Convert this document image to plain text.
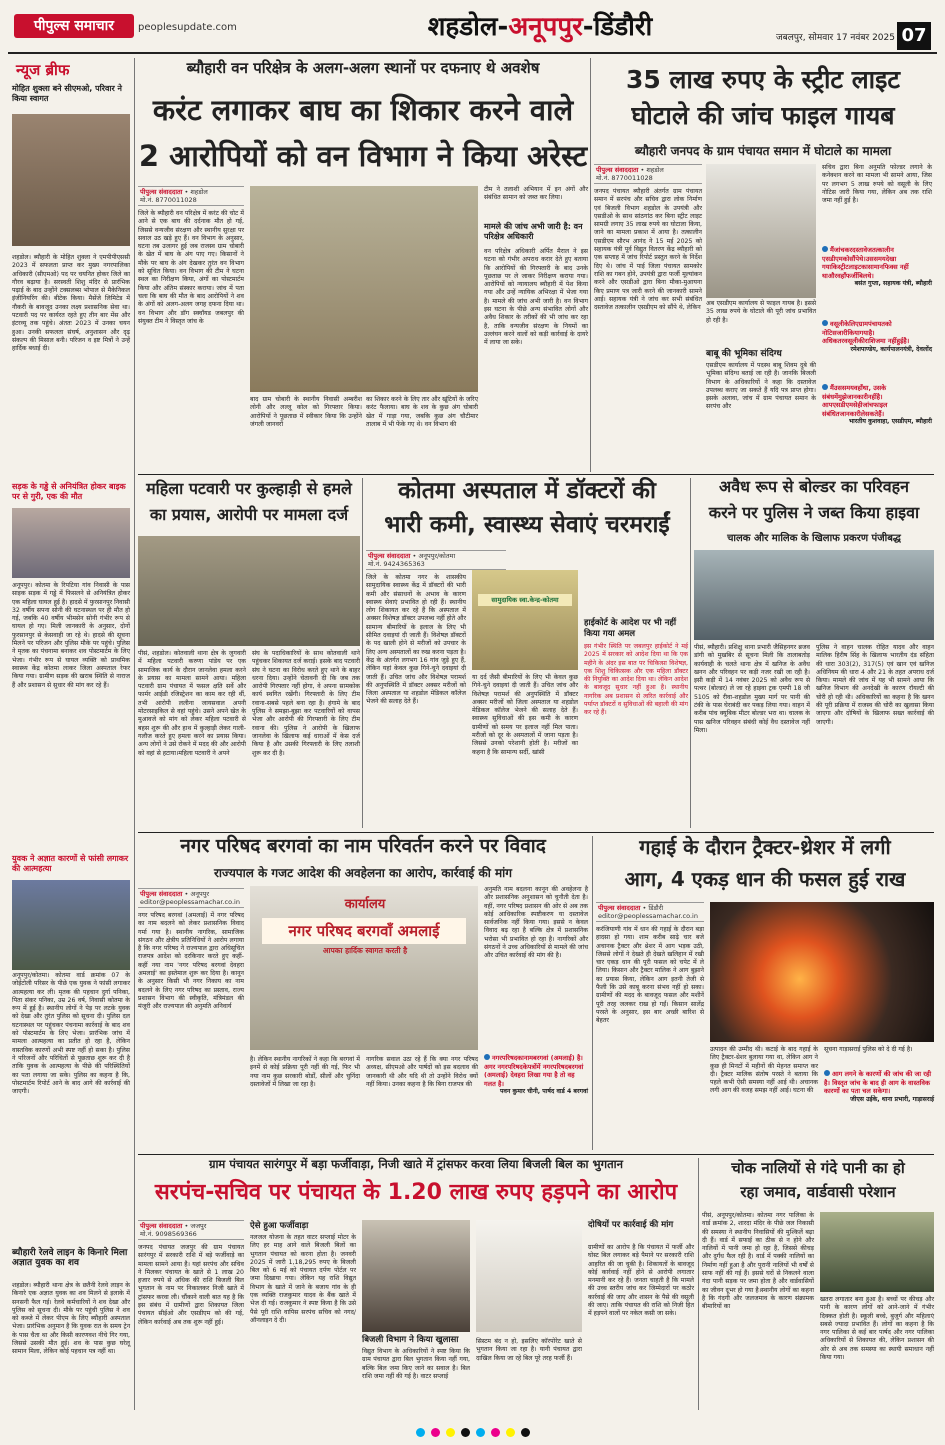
पीपुल्स समाचार	peoplesupdate.com	शहडोल-अनूपपुर-डिंडौरी	जबलपुर, सोमवार 17 नवंबर 2025 07
न्यूज ब्रीफ
मोहित शुक्ला बने सीएमओ, परिवार ने किया स्वागत
शहडोल। ब्यौहारी के मोहित शुक्ला ने एमपीपीएससी 2023 में सफलता प्राप्त कर मुख्य नगरपालिका अधिकारी (सीएमओ) पद पर चयनित होकर जिले का गौरव बढ़ाया है। सरस्वती शिशु मंदिर से प्रारंभिक पढ़ाई के बाद उन्होंने टक्सलब्स भोपाल से मैकेनिकल इंजीनियरिंग की। बीटेक किया। मैसेंजे लिमिटेड में नौकरी के बावजूद उनका लक्ष्य प्रशासनिक सेवा था। पटवारी पद पर कार्यरत रहते हुए तीन बार मेंस और इंटरव्यू तक पहुंचे। अंततः 2023 में उनका चयन हुआ। उनकी सफलता संघर्ष, अनुशासन और दृढ़ संकल्प की मिसाल बनी। परिजन व इष्ट मित्रों ने उन्हें हार्दिक बधाई दी।
सड़क के गड्ढे से अनियंत्रित होकर बाइक पर से गुरी, एक की मौत
अनूपपुर। कोतमा के रिपटिया गांव निवासी के पास साइक सड़क में गड्ढे में फिसलने से अनियंत्रित होकर एक महिला घायल हुई है। हादसे में फुरसानपुर निवासी 32 वर्षीय सपना सोनी की घटनास्थल पर ही मौत हो गई, जबकि 40 वर्षीय भीमसेन सोनी गंभीर रूप से घायल हो गए। मिली जानकारी के अनुसार, दोनों फुरसानपुर से केसवाही जा रहे थे। हादसे की सूचना मिलने पर परिजन और पुलिस मौके पर पहुंचे। पुलिस ने मृतक का पंचनामा बनाकर शव पोस्टमार्टम के लिए भेजा। गंभीर रूप से घायल व्यक्ति को प्राथमिक स्वास्थ्य केंद्र कोतमा लाकर जिला अस्पताल रेफर किया गया। ग्रामीण सड़क की खराब स्थिति से नाराज हैं और प्रशासन से सुधार की मांग कर रहे हैं।
युवक ने अज्ञात कारणों से फांसी लगाकर की आत्महत्या
अनूपपुर/कोतमा। कोतमा वार्ड क्रमांक 07 के जोईटोली परिसर के पीछे एक युवक ने फांसी लगाकर आत्महत्या कर ली। मृतक की पहचान दुर्गा पनिका, पिता संकर पनिका, उम्र 26 वर्ष, निवासी कोतमा के रूप में हुई है। स्थानीय लोगों ने पेड़ पर लटके युवक को देखा और तुरंत पुलिस को सूचना दी। पुलिस दल घटनास्थल पर पहुंचकर पंचनामा कार्रवाई के बाद शव को पोस्टमार्टम के लिए भेजा। प्रारंभिक जांच में मामला आत्महत्या का प्रतीत हो रहा है, लेकिन वास्तविक कारणों अभी स्पष्ट नहीं हो सका है। पुलिस ने परिजनों और परिचितों से पूछताछ शुरू कर दी है ताकि युवक के आत्महत्या के पीछे की परिस्थितियों का पता लगाया जा सके। पुलिस का कहना है कि, पोस्टमार्टम रिपोर्ट आने के बाद आगे की कार्रवाई की जाएगी।
ब्यौहारी रेलवे लाइन के किनारे मिला अज्ञात युवक का शव
शहडोल। ब्यौहारी थाना क्षेत्र के छतैनी रेलवे लाइन के किनारे एक अज्ञात युवक का शव मिलने से इलाके में सनसनी फैल गई। रेलवे कर्मचारियों ने शव देखा और पुलिस को सूचना दी। मौके पर पहुंची पुलिस ने शव को कब्जे में लेकर पीएम के लिए ब्यौहारी अस्पताल भेजा। प्रारंभिक अनुमान है कि युवक रात के समय ट्रेन के पास चैता था और किसी कारणवश नीचे गिर गया, जिससे उसकी मौत हुई। शव के पास कुछ घरेलू सामान मिला, लेकिन कोई पहचान पत्र नहीं था।
ब्यौहारी वन परिक्षेत्र के अलग-अलग स्थानों पर दफनाए थे अवशेष
करंट लगाकर बाघ का शिकार करने वाले
2 आरोपियों को वन विभाग ने किया अरेस्ट
पीपुल्स संवाददाता • शहडोल
मो.नं. 8770011028
जिले के ब्यौहारी वन परिक्षेत्र में करंट की चोट में आने से एक बाघ की दर्दनाक मौत हो गई, जिससे वन्यजीव संरक्षण और स्थानीय सुरक्षा पर सवाल उठ खड़े हुए हैं। वन विभाग के अनुसार, घटना तब उजागर हुई जब राजस्व ग्राम चोबारी के खेत में बाघ के अंग पाए गए। किसानों ने मौके पर बाघ के अंग देखकर तुरंत वन विभाग को सूचित किया। वन विभाग की टीम ने घटना स्थल का निरीक्षण किया, अंगों का पोस्टमार्टम किया और अंतिम संस्कार कराया। जांच में पता चला कि बाघ की मौत के बाद आरोपियों ने शव के अंगों को अलग-अलग जगह दफना दिया था। वन विभाग और डॉग स्क्वॉयड जबलपुर की संयुक्त टीम ने विस्तृत जांच के
बाद ग्राम चोबारी के स्थानीय निवासी अम्बरीश लोनी और लल्लू कोल को गिरफ्तार किया। आरोपियों ने पूछताछ में स्वीकार किया कि उन्होंने जंगली जानवरों
का शिकार करने के लिए तार और खूंटियों के जरिए करंट फैलाया। बाघ के शव के कुछ अंग चोबारी खेत में गाड़ा गया, जबकि कुछ अंग चौटीमार तालाब में भी फेंके गए थे। वन विभाग की
टीम ने तलाशी अभियान में इन अंगों और संबंधित सामान को जब्त कर लिया।
मामले की जांच अभी जारी है: वन परिक्षेत्र अधिकारी
वन परिक्षेत्र अधिकारी अर्पित मैराल ने इस घटना को गंभीर अपराध करार देते हुए बताया कि आरोपियों की गिरफ्तारी के बाद उनके पूछताछ पर ले जाकर निरीक्षण कराया गया। आरोपियों को न्यायालय ब्यौहारी में पेश किया गया और उन्हें न्यायिक अभिरक्षा में भेजा गया है। मामले की जांच अभी जारी है। वन विभाग इस घटना के पीछे अन्य संभावित लोगों और अवैध शिकार के तरीकों की भी जांच कर रहा है, ताकि वन्यजीव संरक्षण के नियमों का उल्लंघन करने वालों को कड़ी कार्रवाई के दायरे में लाया जा सके।
35 लाख रुपए के स्ट्रीट लाइट
घोटाले की जांच फाइल गायब
ब्यौहारी जनपद के ग्राम पंचायत समान में घोटाले का मामला
पीपुल्स संवाददाता • शहडोल
मो.नं. 8770011028
जनपद पंचायत ब्यौहारी अंतर्गत ग्राम पंचायत समान में सरपंच और सचिव द्वारा लोक निर्माण एवं बिजली विभाग शहडोल के उपयंत्री और एसडीओ के साथ सांठगांठ कर बिना स्ट्रीट लाइट सामग्री लगाए 35 लाख रुपये का घोटाला किया, जाने का मामला प्रकाश में आया है। तत्कालीन एसडीएम सौरभ आनंद ने 15 मई 2025 को सहायक यंत्री पूर्व विद्युत वितरण केंद्र ब्यौहारी को एक सप्ताह में जांच रिपोर्ट प्रस्तुत करने के निर्देश दिए थे। जांच में पाई जिला पंचायत सामकोर राशि का गबन होने, उपयंत्री द्वारा फर्जी मूल्यांकन करने और एसडीओ द्वारा बिना मौका-मुआयना किए प्रमाण पत्र जारी करने की जानकारी सामने आई। सहायक यंत्री ने जांच कर सभी संबंधित दस्तावेज तत्कालीन एसडीएम को सौंपे थे, लेकिन
अब एसडीएम कार्यालय से फाइल गायब है। इससे 35 लाख रुपये के घोटाले की पूरी जांच प्रभावित हो रही है।
बाबू की भूमिका संदिग्ध
एसडीएम कार्यालय में पदस्थ बाबू शिवम दुबे की भूमिका संदिग्ध बताई जा रही है। जानकि बिजली विभाग के अधिकारियों ने कहा कि दस्तावेज उपलब्ध कराए जा सकते हैं यदि पत्र प्राप्त होगा। इसके अलावा, जांच में ग्राम पंचायत समान के सरपंच और
सचिव द्वारा बिना अनुमति फोल्डर लगाने के कनेक्शन करने का मामला भी सामने आया, जिस पर लगभग 5 लाख रुपये को वसूली के लिए नोटिस जारी किया गया, लेकिन अब तक राशि जमा नहीं हुई है।
मैंजांचकरदस्तावेजतत्कालीन एसडीएमकोसौंपेथे।उससमयदेखा गयाकिस्ट्रीटलाइटकासामानफिक्स नहीं थाऔरवहाँफर्जीबिलथे।
बसंत गुप्ता, सहायक यंत्री, ब्यौहारी
वसूलीकेलिएग्रामपंचायतको नोटिसजारीकियागयाहै। अधिकतरवसूलीकीराशिजमा नहींहुईहै।
रमेशपाण्डेय, कार्यपालनयंत्री, देवलोंद
मैंउससमयवहाँथा, उसके संबंधमेंमुझेजानकारीनहींहै। आपएसडीएमसेहीजांचफाइल संबंधितजानकारीलेसकतेहैं।
भारतीय कुशवाहा, एसडीएम, ब्यौहारी
महिला पटवारी पर कुल्हाड़ी से हमले
का प्रयास, आरोपी पर मामला दर्ज
पीसं, शहडोल। कोतवाली थाना क्षेत्र के जुगवारी में महिला पटवारी करुणा पांडेय पर एक सामाजिक कार्य के दौरान जानलेवा हमला करने के प्रयास का मामला सामने आया। महिला पटवारी ग्राम पंचायत में फसल क्षति सर्वे और फार्मर आईडी रजिस्ट्रेशन का काम कर रही थीं, तभी आरोपी ललीना जायसवाल अपनी मोटरसाइकिल से वहां पहुंचे। उसने अपने खेत के मुआवजे को मांग को लेकर महिला पटवारी से बहस शुरू की और हाथ में कुल्हाड़ी लेकर गाली-गलौज करते हुए हमला करने का प्रयास किया। अन्य लोगों ने उसे रोकने में मदद की और आरोपी को वहां से हटाया।महिला पटवारी ने अपने
संघ के पदाधिकारियों के साथ कोतवाली थाने पहुंचकर शिकायत दर्ज कराई। इसके बाद पटवारी संघ ने घटना का विरोध करते हुए थाने के बाहर धरना दिया। उन्होंने चेतावनी दी कि जब तक आरोपी गिरफ्तार नहीं होगा, वे अपना सामकोक कार्य स्थगित रखेंगी। गिरफ्तारी के लिए टीम रवाना-सबसे पहले बना रहा है। हंगामे के बाद पुलिस ने समझा-बुझा कर पटवारियों को वापस भेजा और आरोपी की गिरफ्तारी के लिए टीम रवाना की। पुलिस ने आरोपी के खिलाफ जानलेवा के खिलाफ कई धाराओं में केस दर्ज किया है और उसकी गिरफ्तारी के लिए तलाशी शुरू कर दी है।
कोतमा अस्पताल में डॉक्टरों की
भारी कमी, स्वास्थ्य सेवाएं चरमराईं
पीपुल्स संवाददाता • अनूपपुर/कोतमा
मो.नं. 9424365363
जिले के कोतमा नगर के शासकीय सामुदायिक स्वास्थ्य केंद्र में डॉक्टरों की भारी कमी और संसाधनों के अभाव के कारण स्वास्थ्य सेवाएं प्रभावित हो रही हैं। स्थानीय लोग शिकायत कर रहे हैं कि अस्पताल में अक्सर विशेषज्ञ डॉक्टर उपलब्ध नहीं होते और सामान्य बीमारियों के इलाज के लिए भी सीमित दवाइयां दी जाती हैं। विशेषज्ञ डॉक्टरों के पद खाली होने से मरीजों को उपचार के लिए अन्य अस्पतालों का रुख करना पड़ता है। केंद्र के अंतर्गत लगभग 16 गांव जुड़े हुए हैं, लेकिन यहां केवल कुछ गिने-चुने दवाइयां दी जाती हैं। उचित जांच और विशेषज्ञ परामर्श की अनुपस्थिति में डॉक्टर अक्सर मरीजों को जिला अस्पताल या शहडोल मेडिकल कॉलेज भेजने की सलाह देते हैं।
सामुदायिक स्वा.केन्द्र-कोतमा
या दर्द जैसी बीमारियों के लिए भी केवल कुछ गिने-चुने दवाइयां दी जाती हैं। उचित जांच और विशेषज्ञ परामर्श की अनुपस्थिति में डॉक्टर अक्सर मरीजों को जिला अस्पताल या शहडोल मेडिकल कॉलेज भेजने की सलाह देते हैं। स्वास्थ्य सुविधाओं की इस कमी के कारण ग्रामीणों को समय पर इलाज नहीं मिल पाता। मरीजों को दूर के अस्पतालों में जाना पड़ता है। जिससे उनको परेशानी होती है। मरीजों का कहना है कि सामान्य सर्दी, खांसी
हाईकोर्ट के आदेश पर भी नहीं किया गया अमल
इस गंभीर स्थिति पर जबलपुर हाईकोर्ट ने मई 2025 में सरकार को आदेश दिया था कि एक महीने के अंदर इस बात पर चिकित्सा विशेषज्ञ, एक शिशु चिकित्सक और एक महिला डॉक्टर की नियुक्ति का आदेश दिया था। लेकिन आदेश के बावजूद सुधार नहीं हुआ है। स्थानीय नागरिक अब प्रशासन से त्वरित कार्रवाई और पर्याप्त डॉक्टरों व सुविधाओं की बहाली की मांग कर रहे हैं।
अवैध रूप से बोल्डर का परिवहन
करने पर पुलिस ने जब्त किया हाइवा
चालक और मालिक के खिलाफ प्रकरण पंजीबद्ध
पीसं, ब्यौहारी। प्रशिक्षु थाना प्रभारी जैसिहनगर ब्रजव डांगी को मुखबिर से सूचना मिली कि तालाबतोड़ कार्यवाही के चलते थाना क्षेत्र में खनिज के अवैध खनन और परिवहन पर कड़ी नजर रखी जा रही है। इसी कड़ी में 14 नवंबर 2025 को अवैध रूप से पत्थर (बोल्डर) ले जा रहे हाइवा ट्रक एमपी 18 जी 5105 को रीवा-शहडोल मुख्य मार्ग पर पानी की टंकी के पास घेराबंदी कर पकड़ लिया गया। वाहन में करीब पांच क्यूबिक मीटर बोल्डर भरा था। चालक के पास खनिज परिवहन संबंधी कोई वैध दस्तावेज नहीं मिला।
पुलिस ने वाहन चालक रोहित यादव और वाहन मालिक हिरीष सिंह के खिलाफ भारतीय दंड संहिता की धारा 303(2), 317(5) एवं खान एवं खनिज अधिनियम की धारा 4 और 21 के तहत अपराध दर्ज किया। मामले की जांच में यह भी सामने आया कि खनिज विभाग की अनदेखी के कारण रॉयल्टी की चोरी हो रही थी। अधिकारियों का कहना है कि खनन की पूरी प्रक्रिया में राजस्व की चोरी का खुलासा किया जाएगा और दोषियों के खिलाफ सख्त कार्रवाई की जाएगी।
नगर परिषद बरगवां का नाम परिवर्तन करने पर विवाद
राज्यपाल के गजट आदेश की अवहेलना का आरोप, कार्रवाई की मांग
पीपुल्स संवाददाता • अनूपपुर
editor@peoplessamachar.co.in
नगर परिषद बरगवां (अमलाई) में नगर परिषद का नाम बदलने को लेकर प्रशासनिक विवाद गर्मा गया है। स्थानीय नागरिक, सामाजिक संगठन और क्षेत्रीय प्रतिनिधियों ने आरोप लगाया है कि नगर परिषद ने राज्यपाल द्वारा अधिसूचित राजपत्र आदेश को दरकिनार करते हुए कहीं-कहीं नया नाम 'नगर परिषद बरगवां देवहरा अमलाई' का इस्तेमाल शुरू कर दिया है। कानून के अनुसार किसी भी नगर निकाय का नाम बदलने के लिए नगर परिषद का प्रस्ताव, राज्य प्रशासन विभाग की स्वीकृति, मंत्रिमंडल की मंजूरी और राज्यपाल की अनुमति अनिवार्य
कार्यालय
नगर परिषद बरगवाँ अमलाई
आपका हार्दिक स्वागत करती है
है। लेकिन स्थानीय नागरिकों ने कहा कि बरगवां में इनमें से कोई प्रक्रिया पूरी नहीं की गई, फिर भी नया नाम कुछ सरकारी बोर्डों, सीलों और चुनिंदा दस्तावेजों में लिखा जा रहा है।
नागरिक सवाल उठा रहे हैं कि क्या नगर परिषद अध्यक्ष, सीएमओ और पार्षदों को इस बदलाव की जानकारी थी और यदि थी तो उन्होंने विरोध क्यों नहीं किया। उनका कहना है कि बिना राजपत्र की
अनुमति नाम बदलना कानून की अवहेलना है और प्रशासनिक अनुशासन को चुनौती देता है। वहीं, नगर परिषद प्रशासन की ओर से अब तक कोई आधिकारिक स्पष्टीकरण या दस्तावेज सार्वजनिक नहीं किया गया। इससे न केवल विवाद बढ़ रहा है बल्कि क्षेत्र में प्रशासनिक भरोसा भी प्रभावित हो रहा है। नागरिकों और संगठनों ने उच्च अधिकारियों से मामले की जांच और उचित कार्रवाई की मांग की है।
नगरपरिषदकानामबरगवां (अमलाई) है। अगर नगरपरिषदकेपत्रोंमें नगरपरिषदबरगवां (अमलाई) देवहरा लिखा गया है तो वह गलत है।
पवन कुमार चीनी, पार्षद वार्ड 4 बरगवां
गहाई के दौरान ट्रैक्टर-थ्रेशर में लगी
आग, 4 एकड़ धान की फसल हुई राख
पीपुल्स संवाददाता • डिंडौरी
editor@peoplessamachar.co.in
करंजियाणी गांव में धान की गहाई के दौरान बड़ा हादसा हो गया। शाम करीब साढ़े चार बजे अचानक ट्रैक्टर और थ्रेशर में आग भड़क उठी, जिससे लोगों ने देखते ही देखते खलिहान में रखी चार एकड़ धान की पूरी फसल को चपेट में ले लिया। किसान और ट्रैक्टर मालिक ने आग बुझाने का प्रयास किया, लेकिन आग इतनी तेजी से फैली कि उसे काबू करना संभव नहीं हो सका। ग्रामीणों की मदद के बावजूद फसल और मशीनें पूरी तरह जलकर राख हो गईं। किसान सालेंद्र परस्ते के अनुसार, इस बार अच्छी बारिश से बेहतर
उत्पादन की उम्मीद थी। कटाई के बाद गहाई के लिए ट्रैक्टर-थ्रेशर बुलाया गया था, लेकिन आग ने कुछ ही मिनटों में महीनों की मेहनत समाप्त कर दी। ट्रैक्टर मालिक संतोष परस्ते ने बताया कि पहले कभी ऐसी समस्या नहीं आई थी। अचानक लगी आग की वजह समझ नहीं आई। घटना की
सूचना गाड़ासराई पुलिस को दे दी गई है।
आग लगने के कारणों की जांच की जा रही है। विस्तृत जांच के बाद ही आग के वास्तविक कारणों का पता चल सकेगा।
जीएस उईके, थाना प्रभारी, गाड़ासराई
ग्राम पंचायत सारंगपुर में बड़ा फर्जीवाड़ा, निजी खाते में ट्रांसफर करवा लिया बिजली बिल का भुगतान
सरपंच-सचिव पर पंचायत के 1.20 लाख रुपए हड़पने का आरोप
पीपुल्स संवाददाता • जजपुर
मो.नं. 9098569366
जनपद पंचायत जजपुर की ग्राम पंचायत सारंगपुर में सरकारी राशि में बड़े फर्जीवाड़े का मामला सामने आया है। यहां सरपंच और सचिव ने मिलकर पंचायत के खाते से 1 लाख 20 हजार रुपये से अधिक की राशि बिजली बिल भुगतान के नाम पर निकालकर निजी खाते में ट्रांसफर करवा ली। चौंकाने वाली बात यह है कि इस संबंध में ग्रामीणों द्वारा शिकायत जिला पंचायत सीईओ और एसडीएम को की गई, लेकिन कार्रवाई अब तक शुरू नहीं हुई।
ऐसे हुआ फर्जीवाड़ा
नलजल योजना के तहत वाटर सप्लाई मोटर के लिए हर माह आने वाले बिजली बिलों का भुगतान पंचायत को करना होता है। जनवरी 2025 में जारी 1,18,295 रुपए के बिजली बिल को 6 मई को पंचायत दर्पण पोर्टल पर जमा दिखाया गया। लेकिन यह राशि विद्युत विभाग के खाते में जाने के बजाय गांव के ही एक व्यक्ति राजकुमार यादव के बैंक खाते में भेज दी गई। राजकुमार ने स्पष्ट किया है कि उसे पैसे पूरी राशि वापिस सरपंच सचिव को नगद/ऑनलाइन दे दी।
बिजली विभाग ने किया खुलासा
विद्युत विभाग के अधिकारियों ने स्पष्ट किया कि ग्राम पंचायत द्वारा बिल भुगतान किया नहीं गया, बल्कि बिल जमा किए जाने का सवाल है। बिल राशि जमा नहीं की गई है। वाटर सप्लाई
सिस्टम बंद न हो, इसलिए कॉरपोरेट खाते से भुगतान किया जा रहा है। यानी पंचायत द्वारा दाखिल किया जा रहे बिल पूरे तरह फर्जी हैं।
दोषियों पर कार्रवाई की मांग
ग्रामीणों का आरोप है कि पंचायत में फर्जी और घोस्ट बिल लगाकर बड़े पैमाने पर सरकारी राशि आहरित की जा चुकी है। शिकायतों के बावजूद कोई कार्रवाई नहीं होने से आरोपी लगातार मनमानी कर रहे हैं। जनता चाहती है कि मामले की उच्च स्तरीय जांच कर जिम्मेदारों पर कठोर कार्रवाई की जाए और शासन के पैसे की वसूली की जाए। ताकि पंचायत की राशि को निजी हित में हड़पने वालों पर नकेल कसी जा सके।
चोक नालियों से गंदे पानी का हो
रहा जमाव, वार्डवासी परेशान
पीसं, अनूपपुर/कोतमा। कोतमा नगर पालिका के वार्ड क्रमांक 2, शारदा मंदिर के पीछे जल निकासी की समस्या ने स्थानीय निवासियों की मुश्किलें बढ़ा दी हैं। वार्ड में सफाई का ठीक से न होने और नालियों में पानी जमा हो रहा है, जिससे कीचड़ और दुर्गंध फैल रही है। वार्ड में पक्की नालियों का निर्माण नहीं हुआ है और पुरानी नालियों भी वर्षों से साफ नहीं की गई हैं। इससे घरों से निकलने वाला गंदा पानी सड़क पर जमा होता है और वार्डवासियों का जीवन दूभर हो गया है।स्थानीय लोगों का कहना है कि गंदगी और जलजमाव के कारण संक्रामक बीमारियों का
खतरा लगातार बना हुआ है। बच्चों पर कीचड़ और पानी के कारण लोगों को आने-जाने में गंभीर दिक्कत होती है। स्कूली बच्चे, बुजुर्ग और महिलाएं सबसे ज्यादा प्रभावित हैं। लोगों का कहना है कि नगर पालिका से कई बार पार्षद और नगर पालिका अधिकारियों से शिकायत की, लेकिन प्रशासन की ओर से अब तक समस्या का स्थायी समाधान नहीं किया गया।
